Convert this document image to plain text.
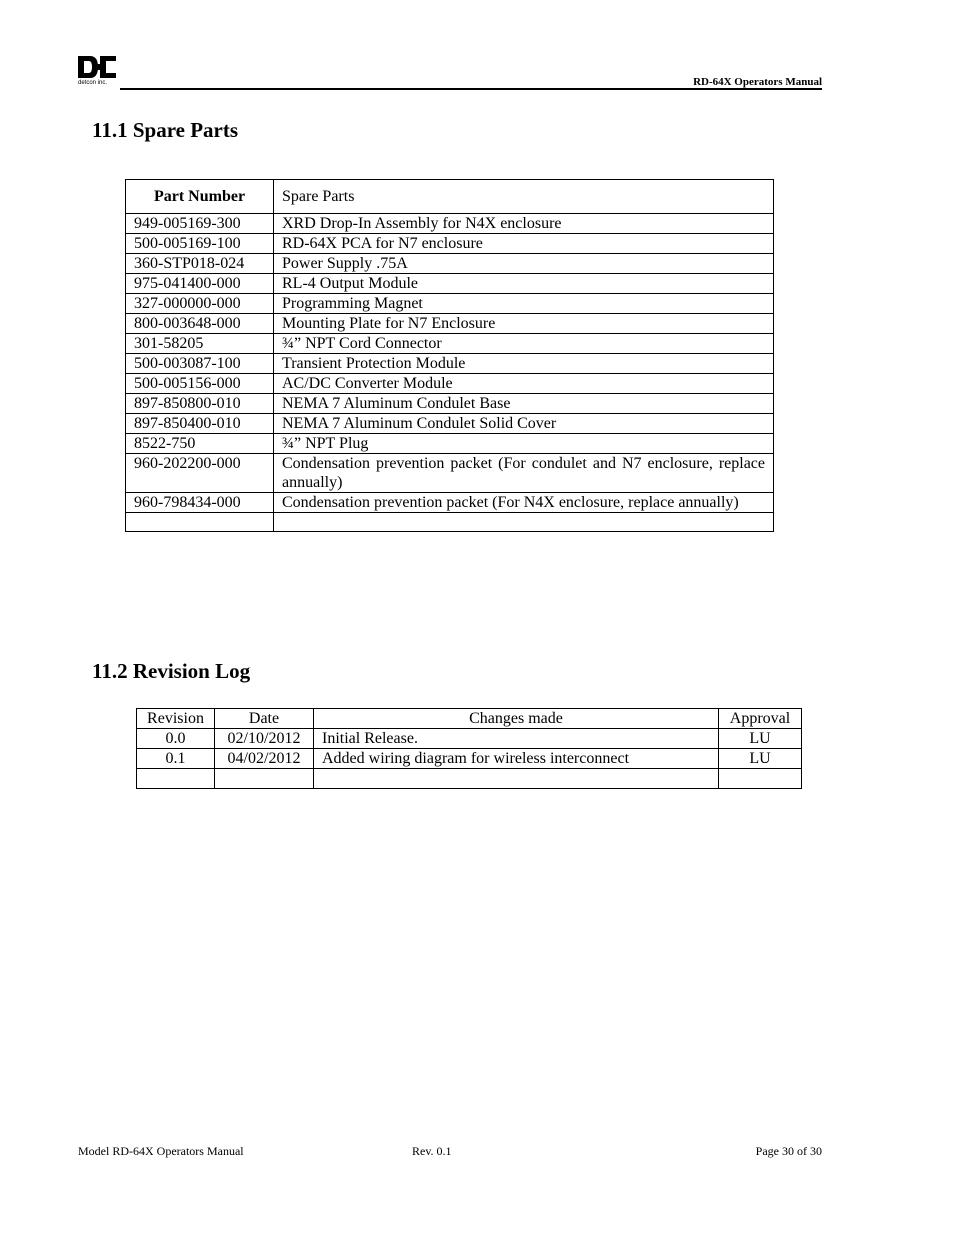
detcon inc.	RD-64X Operators Manual
11.1 Spare Parts
Part Number	Spare Parts
949-005169-300	XRD Drop-In Assembly for N4X enclosure
500-005169-100	RD-64X PCA for N7 enclosure
360-STP018-024	Power Supply .75A
975-041400-000	RL-4 Output Module
327-000000-000	Programming Magnet
800-003648-000	Mounting Plate for N7 Enclosure
301-58205	¾” NPT Cord Connector
500-003087-100	Transient Protection Module
500-005156-000	AC/DC Converter Module
897-850800-010	NEMA 7 Aluminum Condulet Base
897-850400-010	NEMA 7 Aluminum Condulet Solid Cover
8522-750	¾” NPT Plug
960-202200-000	Condensation prevention packet (For condulet and N7 enclosure, replace annually)
960-798434-000	Condensation prevention packet (For N4X enclosure, replace annually)

11.2 Revision Log
Revision	Date	Changes made	Approval
0.0	02/10/2012	Initial Release.	LU
0.1	04/02/2012	Added wiring diagram for wireless interconnect	LU

Model RD-64X Operators Manual	Rev. 0.1	Page 30 of 30
